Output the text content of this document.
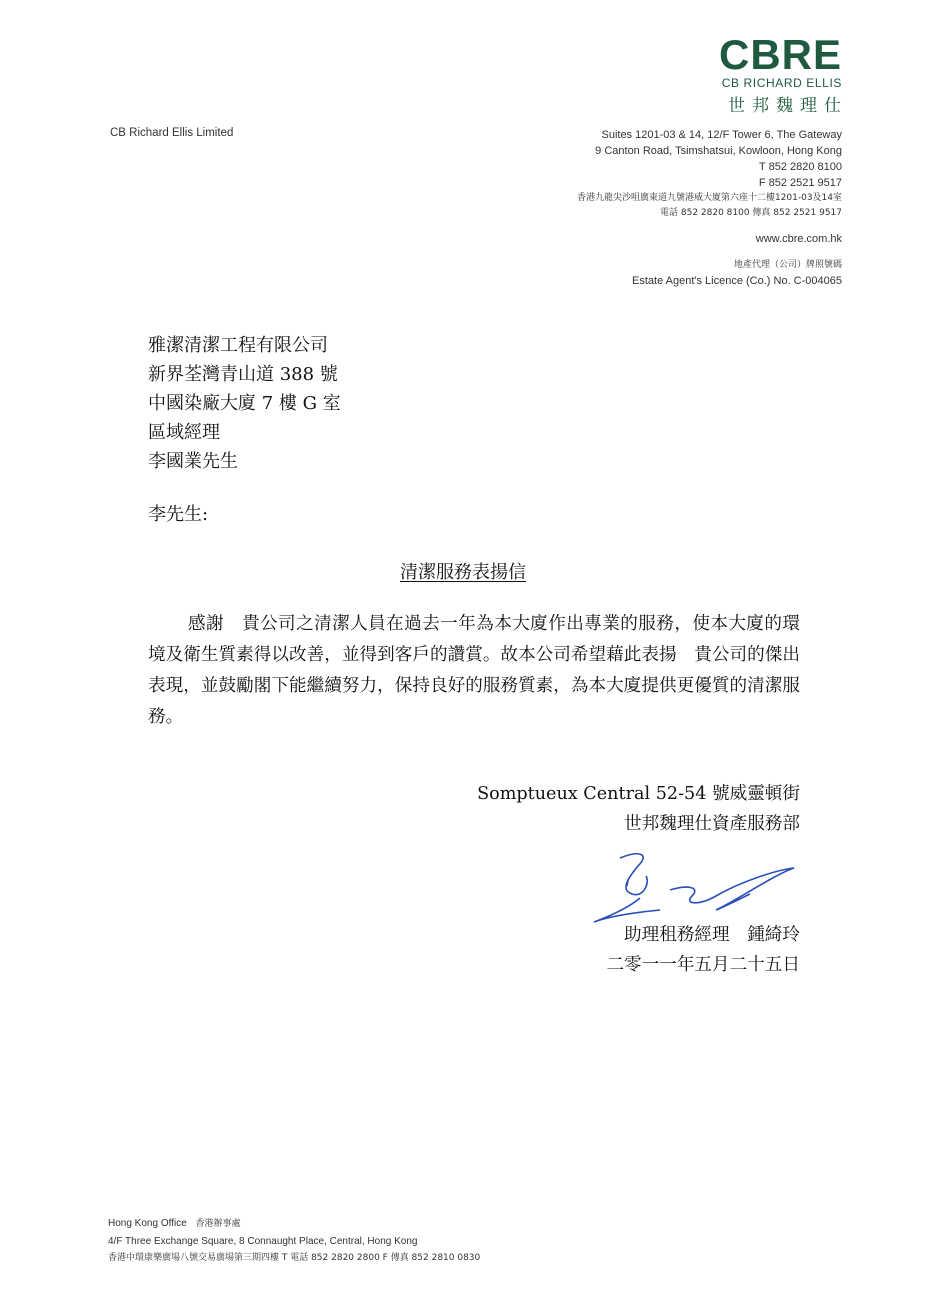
CBRE
CB RICHARD ELLIS
世邦魏理仕
CB Richard Ellis Limited	Suites 1201-03 & 14, 12/F Tower 6, The Gateway
9 Canton Road, Tsimshatsui, Kowloon, Hong Kong
T 852 2820 8100
F 852 2521 9517
香港九龍尖沙咀廣東道九號港威大廈第六座十二樓1201-03及14室
電話 852 2820 8100 傳真 852 2521 9517
www.cbre.com.hk
地產代理（公司）牌照號碼
Estate Agent's Licence (Co.) No. C-004065
雅潔清潔工程有限公司
新界荃灣青山道 388 號
中國染廠大廈 7 樓 G 室
區域經理
李國業先生
李先生:
清潔服務表揚信
感謝　貴公司之清潔人員在過去一年為本大廈作出專業的服務，使本大廈的環境及衛生質素得以改善，並得到客戶的讚賞。故本公司希望藉此表揚　貴公司的傑出表現，並鼓勵閣下能繼續努力，保持良好的服務質素，為本大廈提供更優質的清潔服務。
Somptueux Central 52-54 號威靈頓街
世邦魏理仕資產服務部
助理租務經理　鍾綺玲
二零一一年五月二十五日
Hong Kong Office 香港辦事處
4/F Three Exchange Square, 8 Connaught Place, Central, Hong Kong
香港中環康樂廣場八號交易廣場第三期四樓 T 電話 852 2820 2800 F 傳真 852 2810 0830
